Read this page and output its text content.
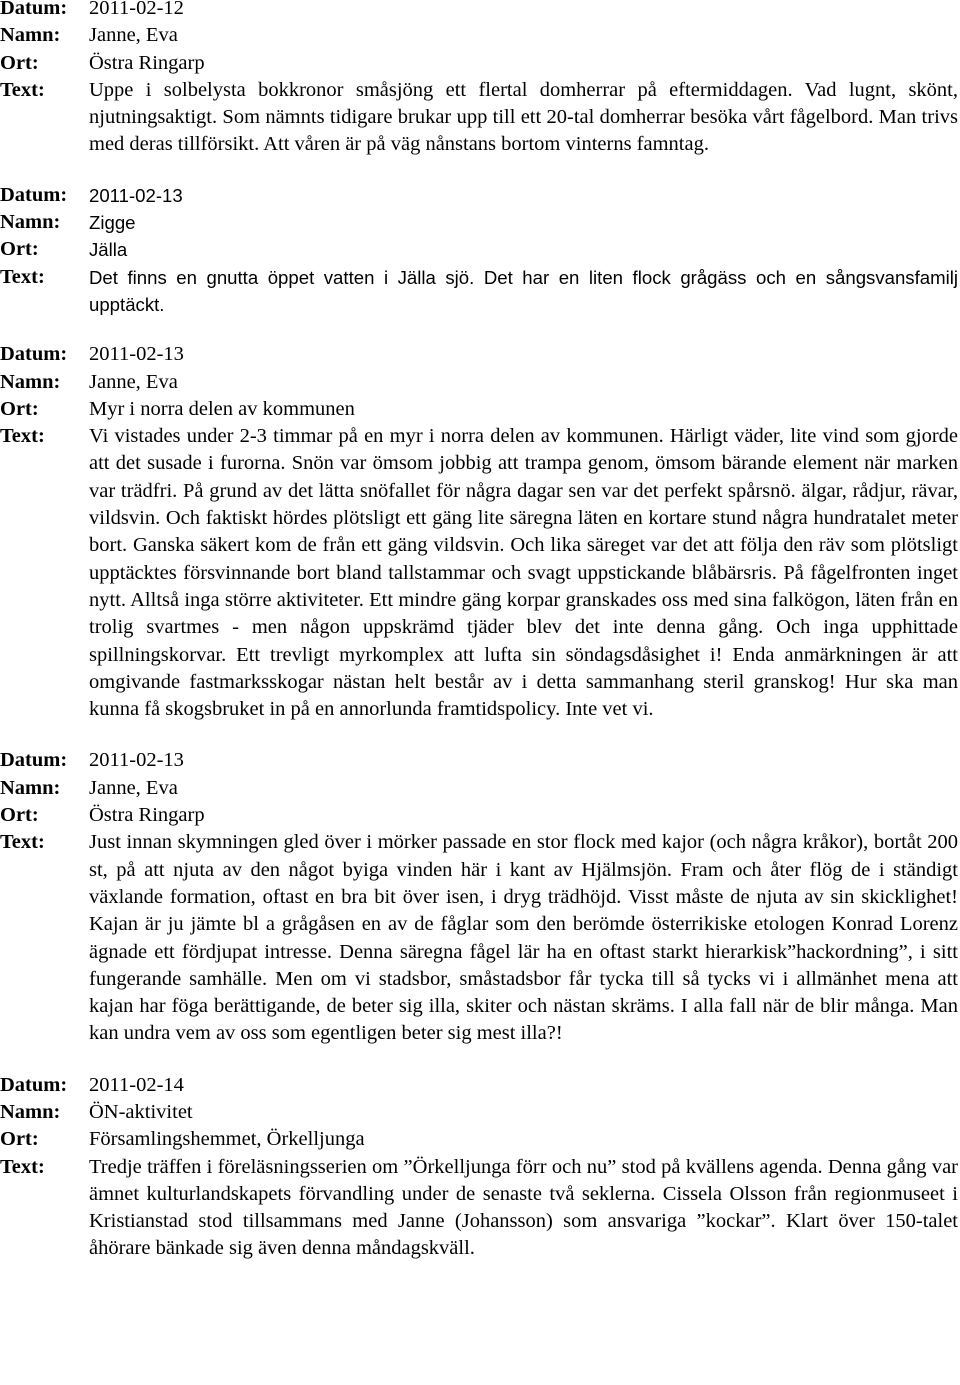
Datum:	2011-02-12
Namn:	Janne, Eva
Ort:	Östra Ringarp
Text:	Uppe i solbelysta bokkronor småsjöng ett flertal domherrar på eftermiddagen. Vad lugnt, skönt, njutningsaktigt. Som nämnts tidigare brukar upp till ett 20-tal domherrar besöka vårt fågelbord. Man trivs med deras tillförsikt. Att våren är på väg nånstans bortom vinterns famntag.
Datum:	2011-02-13
Namn:	Zigge
Ort:	Jälla
Text:	Det finns en gnutta öppet vatten i Jälla sjö. Det har en liten flock grågäss och en sångsvansfamilj upptäckt.
Datum:	2011-02-13
Namn:	Janne, Eva
Ort:	Myr i norra delen av kommunen
Text:	Vi vistades under 2-3 timmar på en myr i norra delen av kommunen. Härligt väder, lite vind som gjorde att det susade i furorna. Snön var ömsom jobbig att trampa genom, ömsom bärande element när marken var trädfri. På grund av det lätta snöfallet för några dagar sen var det perfekt spårsnö. älgar, rådjur, rävar, vildsvin. Och faktiskt hördes plötsligt ett gäng lite säregna läten en kortare stund några hundratalet meter bort. Ganska säkert kom de från ett gäng vildsvin. Och lika säreget var det att följa den räv som plötsligt upptäcktes försvinnande bort bland tallstammar och svagt uppstickande blåbärsris. På fågelfronten inget nytt. Alltså inga större aktiviteter. Ett mindre gäng korpar granskades oss med sina falkögon, läten från en trolig svartmes - men någon uppskrämd tjäder blev det inte denna gång. Och inga upphittade spillningskorvar. Ett trevligt myrkomplex att lufta sin söndagsdåsighet i! Enda anmärkningen är att omgivande fastmarksskogar nästan helt består av i detta sammanhang steril granskog! Hur ska man kunna få skogsbruket in på en annorlunda framtidspolicy. Inte vet vi.
Datum:	2011-02-13
Namn:	Janne, Eva
Ort:	Östra Ringarp
Text:	Just innan skymningen gled över i mörker passade en stor flock med kajor (och några kråkor), bortåt 200 st, på att njuta av den något byiga vinden här i kant av Hjälmsjön. Fram och åter flög de i ständigt växlande formation, oftast en bra bit över isen, i dryg trädhöjd. Visst måste de njuta av sin skicklighet! Kajan är ju jämte bl a grågåsen en av de fåglar som den berömde österrikiske etologen Konrad Lorenz ägnade ett fördjupat intresse. Denna säregna fågel lär ha en oftast starkt hierarkisk”hackordning”, i sitt fungerande samhälle. Men om vi stadsbor, småstadsbor får tycka till så tycks vi i allmänhet mena att kajan har föga berättigande, de beter sig illa, skiter och nästan skräms. I alla fall när de blir många. Man kan undra vem av oss som egentligen beter sig mest illa?!
Datum:	2011-02-14
Namn:	ÖN-aktivitet
Ort:	Församlingshemmet, Örkelljunga
Text:	Tredje träffen i föreläsningsserien om ”Örkelljunga förr och nu” stod på kvällens agenda. Denna gång var ämnet kulturlandskapets förvandling under de senaste två seklerna. Cissela Olsson från regionmuseet i Kristianstad stod tillsammans med Janne (Johansson) som ansvariga ”kockar”. Klart över 150-talet åhörare bänkade sig även denna måndagskväll.
